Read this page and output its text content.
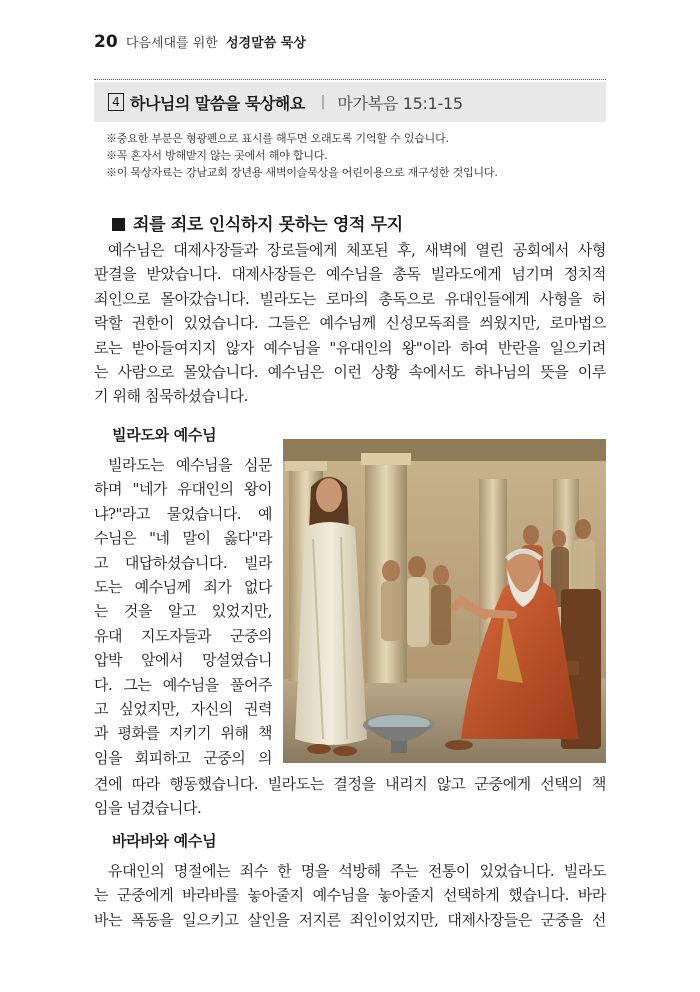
20 다음세대를 위한 성경말씀 묵상
4 하나님의 말씀을 묵상해요 | 마가복음 15:1-15
※중요한 부분은 형광펜으로 표시를 해두면 오래도록 기억할 수 있습니다.
※꼭 혼자서 방해받지 않는 곳에서 해야 합니다.
※이 묵상자료는 강남교회 장년용 새벽이슬묵상을 어린이용으로 재구성한 것입니다.
죄를 죄로 인식하지 못하는 영적 무지
예수님은 대제사장들과 장로들에게 체포된 후, 새벽에 열린 공회에서 사형
판결을 받았습니다. 대제사장들은 예수님을 총독 빌라도에게 넘기며 정치적
죄인으로 몰아갔습니다. 빌라도는 로마의 총독으로 유대인들에게 사형을 허
락할 권한이 있었습니다. 그들은 예수님께 신성모독죄를 씌웠지만, 로마법으
로는 받아들여지지 않자 예수님을 "유대인의 왕"이라 하여 반란을 일으키려
는 사람으로 몰았습니다. 예수님은 이런 상황 속에서도 하나님의 뜻을 이루
기 위해 침묵하셨습니다.
빌라도와 예수님
빌라도는 예수님을 심문
하며 "네가 유대인의 왕이
냐?"라고 물었습니다. 예
수님은 "네 말이 옳다"라
고 대답하셨습니다. 빌라
도는 예수님께 죄가 없다
는 것을 알고 있었지만,
유대 지도자들과 군중의
압박 앞에서 망설였습니
다. 그는 예수님을 풀어주
고 싶었지만, 자신의 권력
과 평화를 지키기 위해 책
임을 회피하고 군중의 의
견에 따라 행동했습니다. 빌라도는 결정을 내리지 않고 군중에게 선택의 책
임을 넘겼습니다.
바라바와 예수님
유대인의 명절에는 죄수 한 명을 석방해 주는 전통이 있었습니다. 빌라도
는 군중에게 바라바를 놓아줄지 예수님을 놓아줄지 선택하게 했습니다. 바라
바는 폭동을 일으키고 살인을 저지른 죄인이었지만, 대제사장들은 군중을 선
